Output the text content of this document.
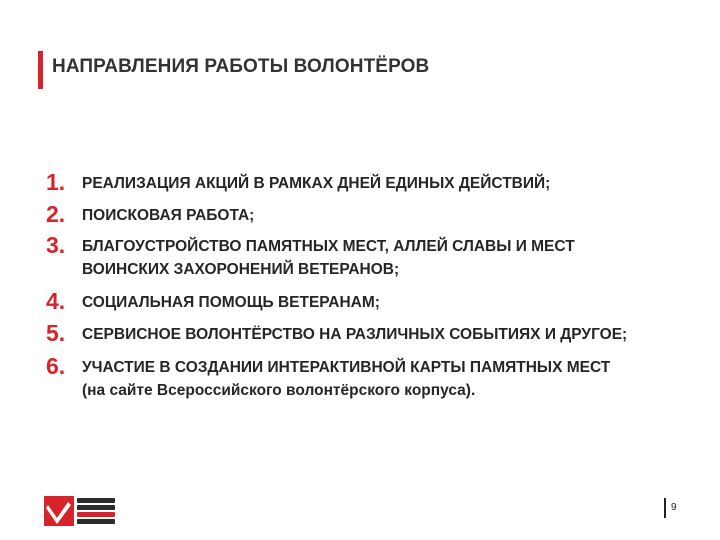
НАПРАВЛЕНИЯ РАБОТЫ ВОЛОНТЁРОВ
1.	РЕАЛИЗАЦИЯ АКЦИЙ В РАМКАХ ДНЕЙ ЕДИНЫХ ДЕЙСТВИЙ;
2.	ПОИСКОВАЯ РАБОТА;
3.	БЛАГОУСТРОЙСТВО ПАМЯТНЫХ МЕСТ, АЛЛЕЙ СЛАВЫ И МЕСТ
ВОИНСКИХ ЗАХОРОНЕНИЙ ВЕТЕРАНОВ;
4.	СОЦИАЛЬНАЯ ПОМОЩЬ ВЕТЕРАНАМ;
5.	СЕРВИСНОЕ ВОЛОНТЁРСТВО НА РАЗЛИЧНЫХ СОБЫТИЯХ И ДРУГОЕ;
6.	УЧАСТИЕ В СОЗДАНИИ ИНТЕРАКТИВНОЙ КАРТЫ ПАМЯТНЫХ МЕСТ
(на сайте Всероссийского волонтёрского корпуса).
9
